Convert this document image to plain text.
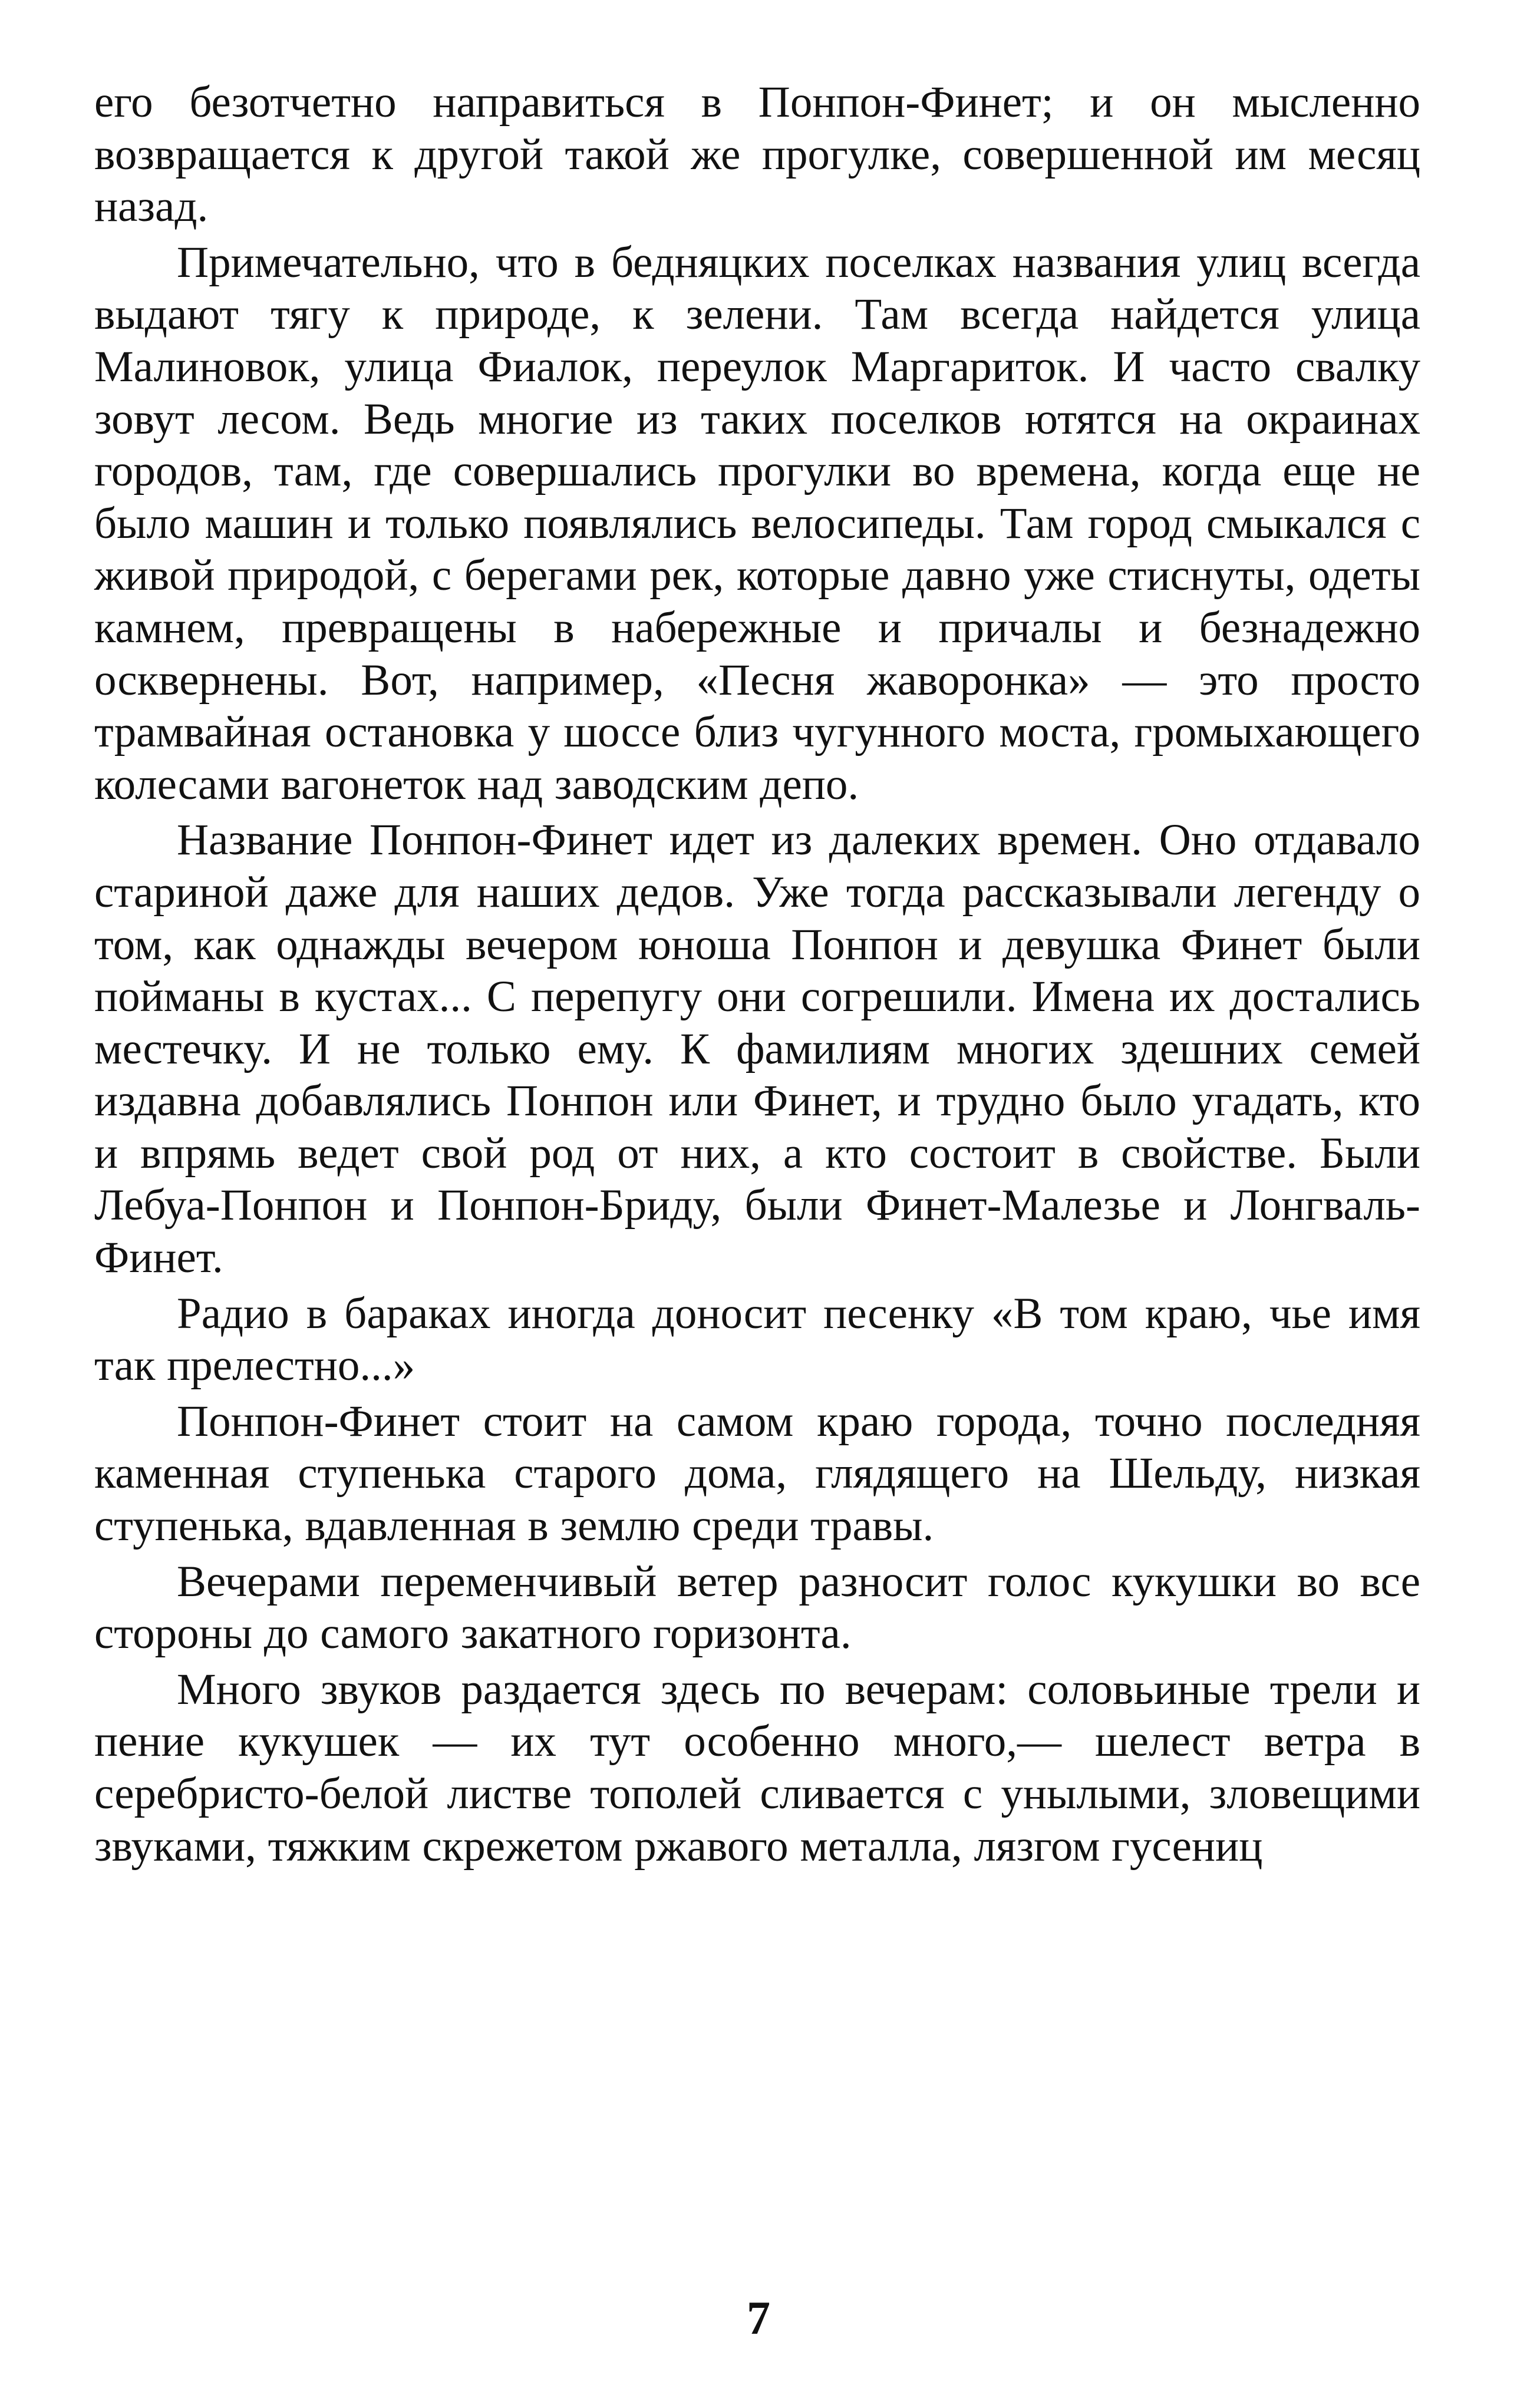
его безотчетно направиться в Понпон-Финет; и он мысленно возвращается к другой такой же прогулке, совершенной им месяц назад.

Примечательно, что в бедняцких поселках названия улиц всегда выдают тягу к природе, к зелени. Там всегда найдется улица Малиновок, улица Фиалок, переулок Маргариток. И часто свалку зовут лесом. Ведь многие из таких поселков ютятся на окраинах городов, там, где совершались прогулки во времена, когда еще не было машин и только появлялись велосипеды. Там город смыкался с живой природой, с берегами рек, которые давно уже стиснуты, одеты камнем, превращены в набережные и причалы и безнадежно осквернены. Вот, например, «Песня жаворонка» — это просто трамвайная остановка у шоссе близ чугунного моста, громыхающего колесами вагонеток над заводским депо.

Название Понпон-Финет идет из далеких времен. Оно отдавало стариной даже для наших дедов. Уже тогда рассказывали легенду о том, как однажды вечером юноша Понпон и девушка Финет были пойманы в кустах... С перепугу они согрешили. Имена их достались местечку. И не только ему. К фамилиям многих здешних семей издавна добавлялись Понпон или Финет, и трудно было угадать, кто и впрямь ведет свой род от них, а кто состоит в свойстве. Были Лебуа-Понпон и Понпон-Бриду, были Финет-Малезье и Лонгваль-Финет.

Радио в бараках иногда доносит песенку «В том краю, чье имя так прелестно...»

Понпон-Финет стоит на самом краю города, точно последняя каменная ступенька старого дома, глядящего на Шельду, низкая ступенька, вдавленная в землю среди травы.

Вечерами переменчивый ветер разносит голос кукушки во все стороны до самого закатного горизонта.

Много звуков раздается здесь по вечерам: соловьиные трели и пение кукушек — их тут особенно много,— шелест ветра в серебристо-белой листве тополей сливается с унылыми, зловещими звуками, тяжким скрежетом ржавого металла, лязгом гусениц

7
